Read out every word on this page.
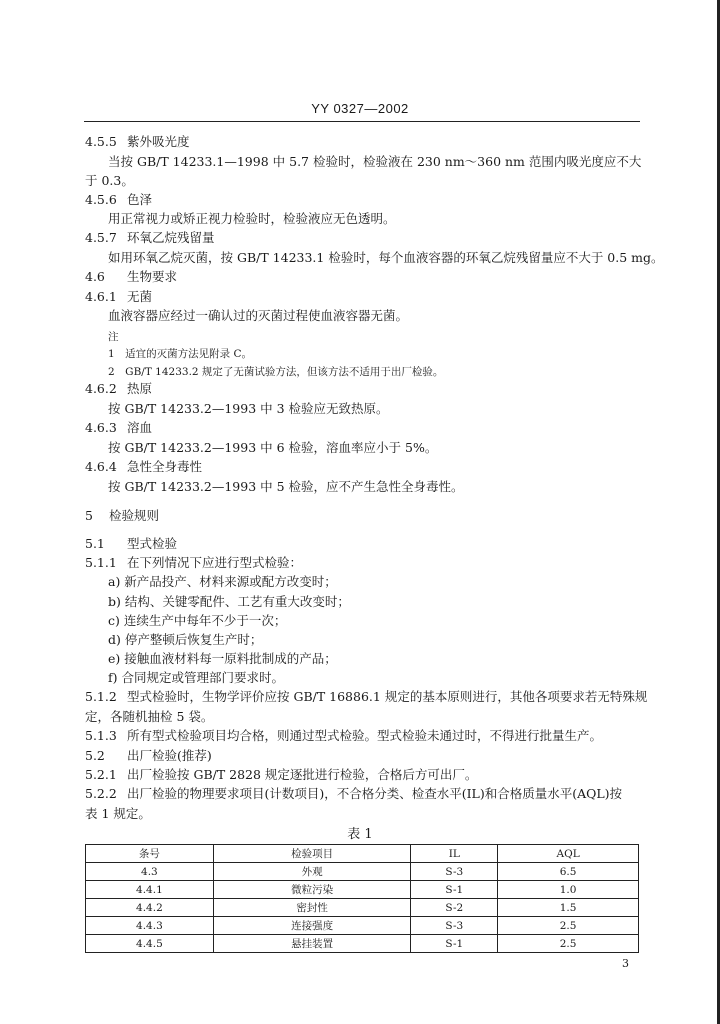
YY 0327—2002
4.5.5 紫外吸光度
当按 GB/T 14233.1—1998 中 5.7 检验时，检验液在 230 nm～360 nm 范围内吸光度应不大
于 0.3。
4.5.6 色泽
用正常视力或矫正视力检验时，检验液应无色透明。
4.5.7 环氧乙烷残留量
如用环氧乙烷灭菌，按 GB/T 14233.1 检验时，每个血液容器的环氧乙烷残留量应不大于 0.5 mg。
4.6 生物要求
4.6.1 无菌
血液容器应经过一确认过的灭菌过程使血液容器无菌。
注
1　适宜的灭菌方法见附录 C。
2　GB/T 14233.2 规定了无菌试验方法，但该方法不适用于出厂检验。
4.6.2 热原
按 GB/T 14233.2—1993 中 3 检验应无致热原。
4.6.3 溶血
按 GB/T 14233.2—1993 中 6 检验，溶血率应小于 5%。
4.6.4 急性全身毒性
按 GB/T 14233.2—1993 中 5 检验，应不产生急性全身毒性。
5 检验规则
5.1 型式检验
5.1.1 在下列情况下应进行型式检验：
a) 新产品投产、材料来源或配方改变时；
b) 结构、关键零配件、工艺有重大改变时；
c) 连续生产中每年不少于一次；
d) 停产整顿后恢复生产时；
e) 接触血液材料每一原料批制成的产品；
f) 合同规定或管理部门要求时。
5.1.2 型式检验时，生物学评价应按 GB/T 16886.1 规定的基本原则进行，其他各项要求若无特殊规
定，各随机抽检 5 袋。
5.1.3 所有型式检验项目均合格，则通过型式检验。型式检验未通过时，不得进行批量生产。
5.2 出厂检验(推荐)
5.2.1 出厂检验按 GB/T 2828 规定逐批进行检验，合格后方可出厂。
5.2.2 出厂检验的物理要求项目(计数项目)，不合格分类、检查水平(IL)和合格质量水平(AQL)按
表 1 规定。
表 1
条号	检验项目	IL	AQL
4.3	外观	S-3	6.5
4.4.1	微粒污染	S-1	1.0
4.4.2	密封性	S-2	1.5
4.4.3	连接强度	S-3	2.5
4.4.5	悬挂装置	S-1	2.5
3
